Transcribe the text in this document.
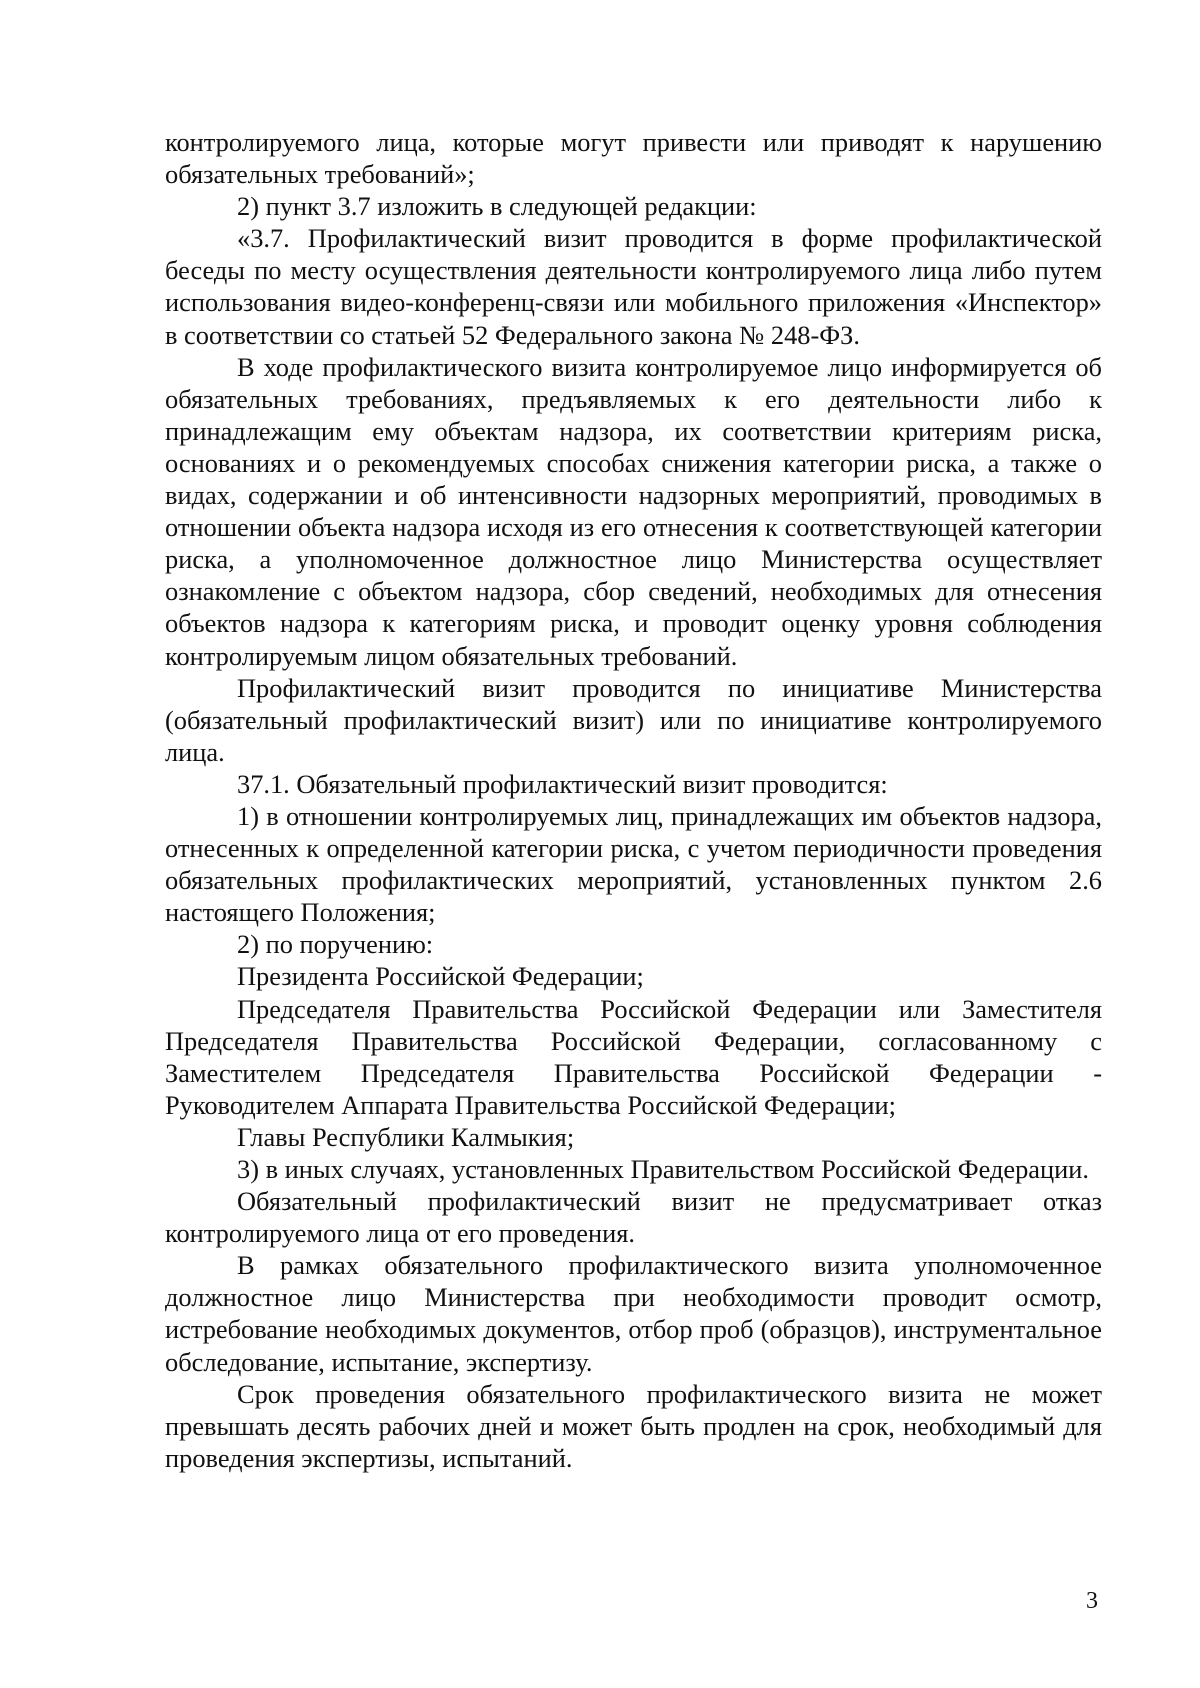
контролируемого лица, которые могут привести или приводят к нарушению обязательных требований»;

2) пункт 3.7 изложить в следующей редакции:

«3.7. Профилактический визит проводится в форме профилактической беседы по месту осуществления деятельности контролируемого лица либо путем использования видео-конференц-связи или мобильного приложения «Инспектор» в соответствии со статьей 52 Федерального закона № 248-ФЗ.

В ходе профилактического визита контролируемое лицо информируется об обязательных требованиях, предъявляемых к его деятельности либо к принадлежащим ему объектам надзора, их соответствии критериям риска, основаниях и о рекомендуемых способах снижения категории риска, а также о видах, содержании и об интенсивности надзорных мероприятий, проводимых в отношении объекта надзора исходя из его отнесения к соответствующей категории риска, а уполномоченное должностное лицо Министерства осуществляет ознакомление с объектом надзора, сбор сведений, необходимых для отнесения объектов надзора к категориям риска, и проводит оценку уровня соблюдения контролируемым лицом обязательных требований.

Профилактический визит проводится по инициативе Министерства (обязательный профилактический визит) или по инициативе контролируемого лица.

37.1. Обязательный профилактический визит проводится:

1) в отношении контролируемых лиц, принадлежащих им объектов надзора, отнесенных к определенной категории риска, с учетом периодичности проведения обязательных профилактических мероприятий, установленных пунктом 2.6 настоящего Положения;

2) по поручению:

Президента Российской Федерации;

Председателя Правительства Российской Федерации или Заместителя Председателя Правительства Российской Федерации, согласованному с Заместителем Председателя Правительства Российской Федерации - Руководителем Аппарата Правительства Российской Федерации;

Главы Республики Калмыкия;

3) в иных случаях, установленных Правительством Российской Федерации.

Обязательный профилактический визит не предусматривает отказ контролируемого лица от его проведения.

В рамках обязательного профилактического визита уполномоченное должностное лицо Министерства при необходимости проводит осмотр, истребование необходимых документов, отбор проб (образцов), инструментальное обследование, испытание, экспертизу.

Срок проведения обязательного профилактического визита не может превышать десять рабочих дней и может быть продлен на срок, необходимый для проведения экспертизы, испытаний.

3
